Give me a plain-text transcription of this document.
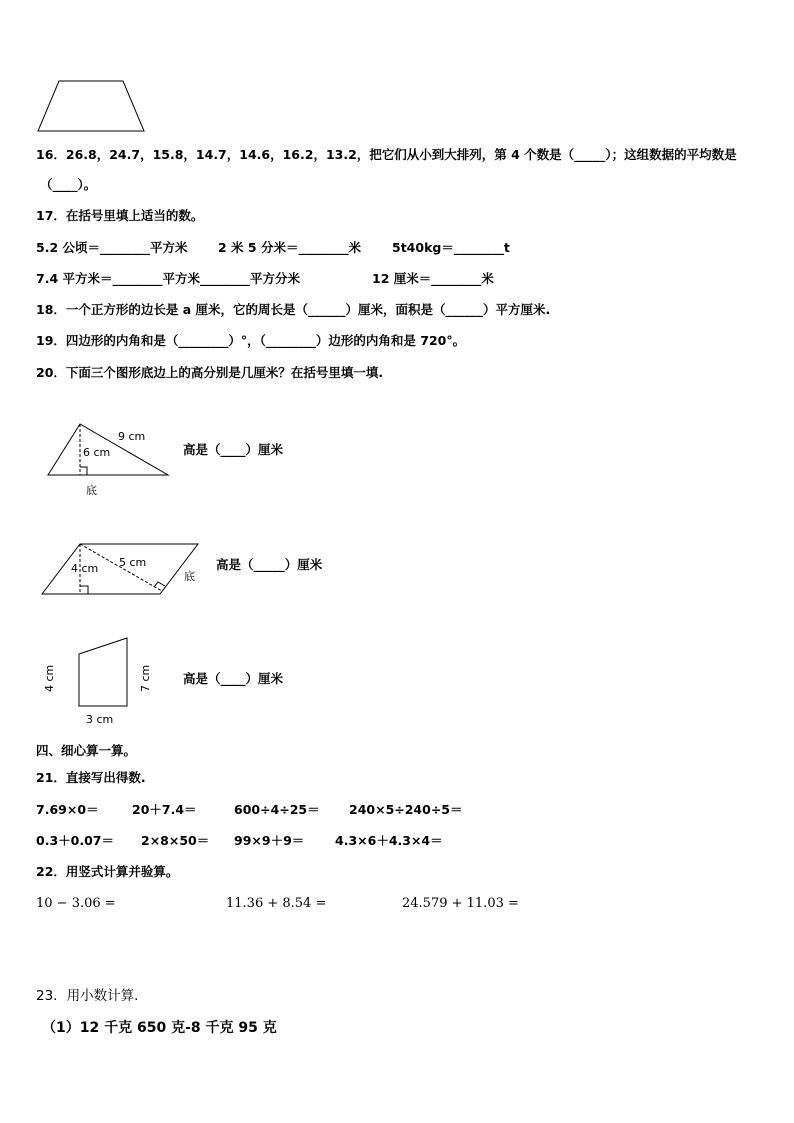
16．26.8，24.7，15.8，14.7，14.6，16.2，13.2，把它们从小到大排列，第 4 个数是（_____）；这组数据的平均数是
（____）。
17．在括号里填上适当的数。
5.2 公顷＝________平方米 2 米 5 分米＝________米 5t40kg＝________t
7.4 平方米＝________平方米________平方分米	12 厘米＝________米
18．一个正方形的边长是 a 厘米，它的周长是（______）厘米，面积是（______）平方厘米.
19．四边形的内角和是（________）°，（________）边形的内角和是 720°。
20．下面三个图形底边上的高分别是几厘米？在括号里填一填.
9 cm
6 cm
底
高是（____）厘米
5 cm
4 cm
底
高是（_____）厘米
4 cm	7 cm
3 cm
高是（____）厘米
四、细心算一算。
21．直接写出得数.
7.69×0＝	20＋7.4＝	600÷4÷25＝ 240×5÷240÷5＝
0.3＋0.07＝ 2×8×50＝ 99×9＋9＝ 4.3×6＋4.3×4＝
22．用竖式计算并验算。
10 − 3.06 =	11.36 + 8.54 =	24.579 + 11.03 =
23．用小数计算.
（1）12 千克 650 克-8 千克 95 克
